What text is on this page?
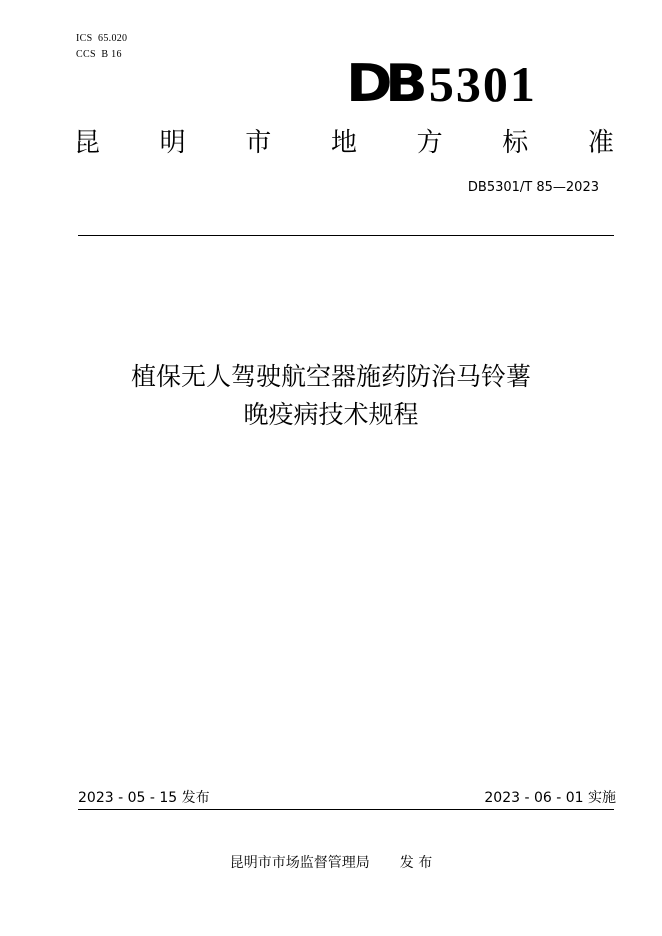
ICS  65.020
CCS  B 16	DB 5301
昆 明 市 地 方 标 准
DB5301/T 85—2023
植保无人驾驶航空器施药防治马铃薯
晚疫病技术规程
2023 - 05 - 15 发布	2023 - 06 - 01 实施
昆明市市场监督管理局 发 布
